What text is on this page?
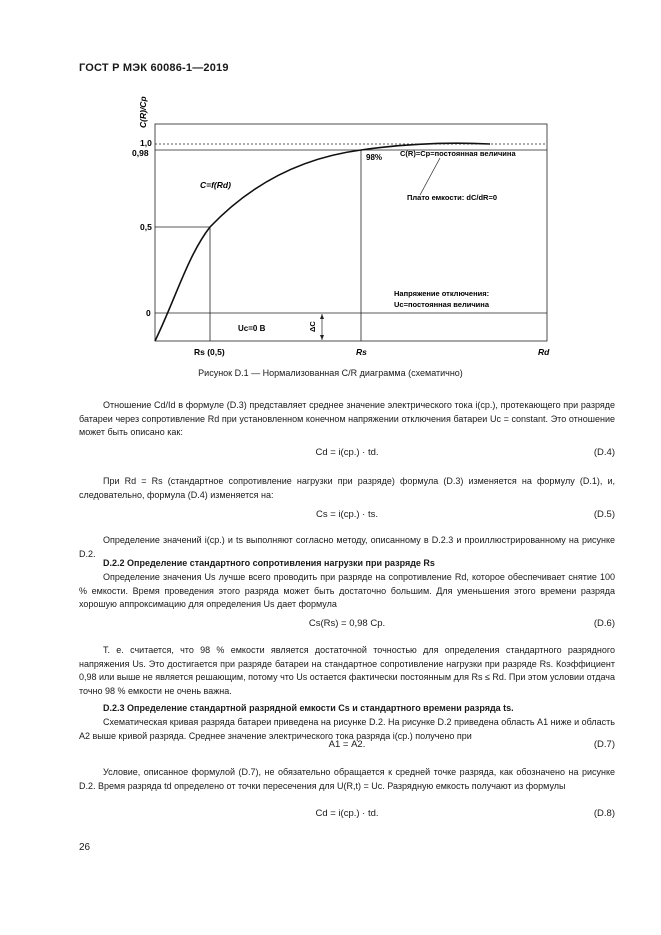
ГОСТ Р МЭК 60086-1—2019
C(R)/Cp
1,0
0,98
0,5
0
Rs (0,5)	Rs	Rd
C=f(Rd)
98% C(R)=Cp=постоянная величина
Плато емкости: dC/dR=0
Напряжение отключения:
Uc=постоянная величина
Uc=0 В	ΔC
Рисунок D.1 — Нормализованная C/R диаграмма (схематично)
Отношение Cd/Id в формуле (D.3) представляет среднее значение электрического тока i(ср.), протекающего при разряде батареи через сопротивление Rd при установленном конечном напряжении отключения батареи Uc = constant. Это отношение может быть описано как:
Cd = i(ср.) · td.	(D.4)
При Rd = Rs (стандартное сопротивление нагрузки при разряде) формула (D.3) изменяется на формулу (D.1), и, следовательно, формула (D.4) изменяется на:
Cs = i(ср.) · ts.	(D.5)
Определение значений i(ср.) и ts выполняют согласно методу, описанному в D.2.3 и проиллюстрированному на рисунке D.2.
D.2.2 Определение стандартного сопротивления нагрузки при разряде Rs
Определение значения Us лучше всего проводить при разряде на сопротивление Rd, которое обеспечивает снятие 100 % емкости. Время проведения этого разряда может быть достаточно большим. Для уменьшения этого времени разряда хорошую аппроксимацию для определения Us дает формула
Cs(Rs) = 0,98 Cp.	(D.6)
Т. е. считается, что 98 % емкости является достаточной точностью для определения стандартного разрядного напряжения Us. Это достигается при разряде батареи на стандартное сопротивление нагрузки при разряде Rs. Коэффициент 0,98 или выше не является решающим, потому что Us остается фактически постоянным для Rs ≤ Rd. При этом условии отдача точно 98 % емкости не очень важна.
D.2.3 Определение стандартной разрядной емкости Cs и стандартного времени разряда ts.
Схематическая кривая разряда батареи приведена на рисунке D.2. На рисунке D.2 приведена область А1 ниже и область А2 выше кривой разряда. Среднее значение электрического тока разряда i(ср.) получено при
А1 = А2.	(D.7)
Условие, описанное формулой (D.7), не обязательно обращается к средней точке разряда, как обозначено на рисунке D.2. Время разряда td определено от точки пересечения для U(R,t) = Uc. Разрядную емкость получают из формулы
Cd = i(ср.) · td.	(D.8)
26
